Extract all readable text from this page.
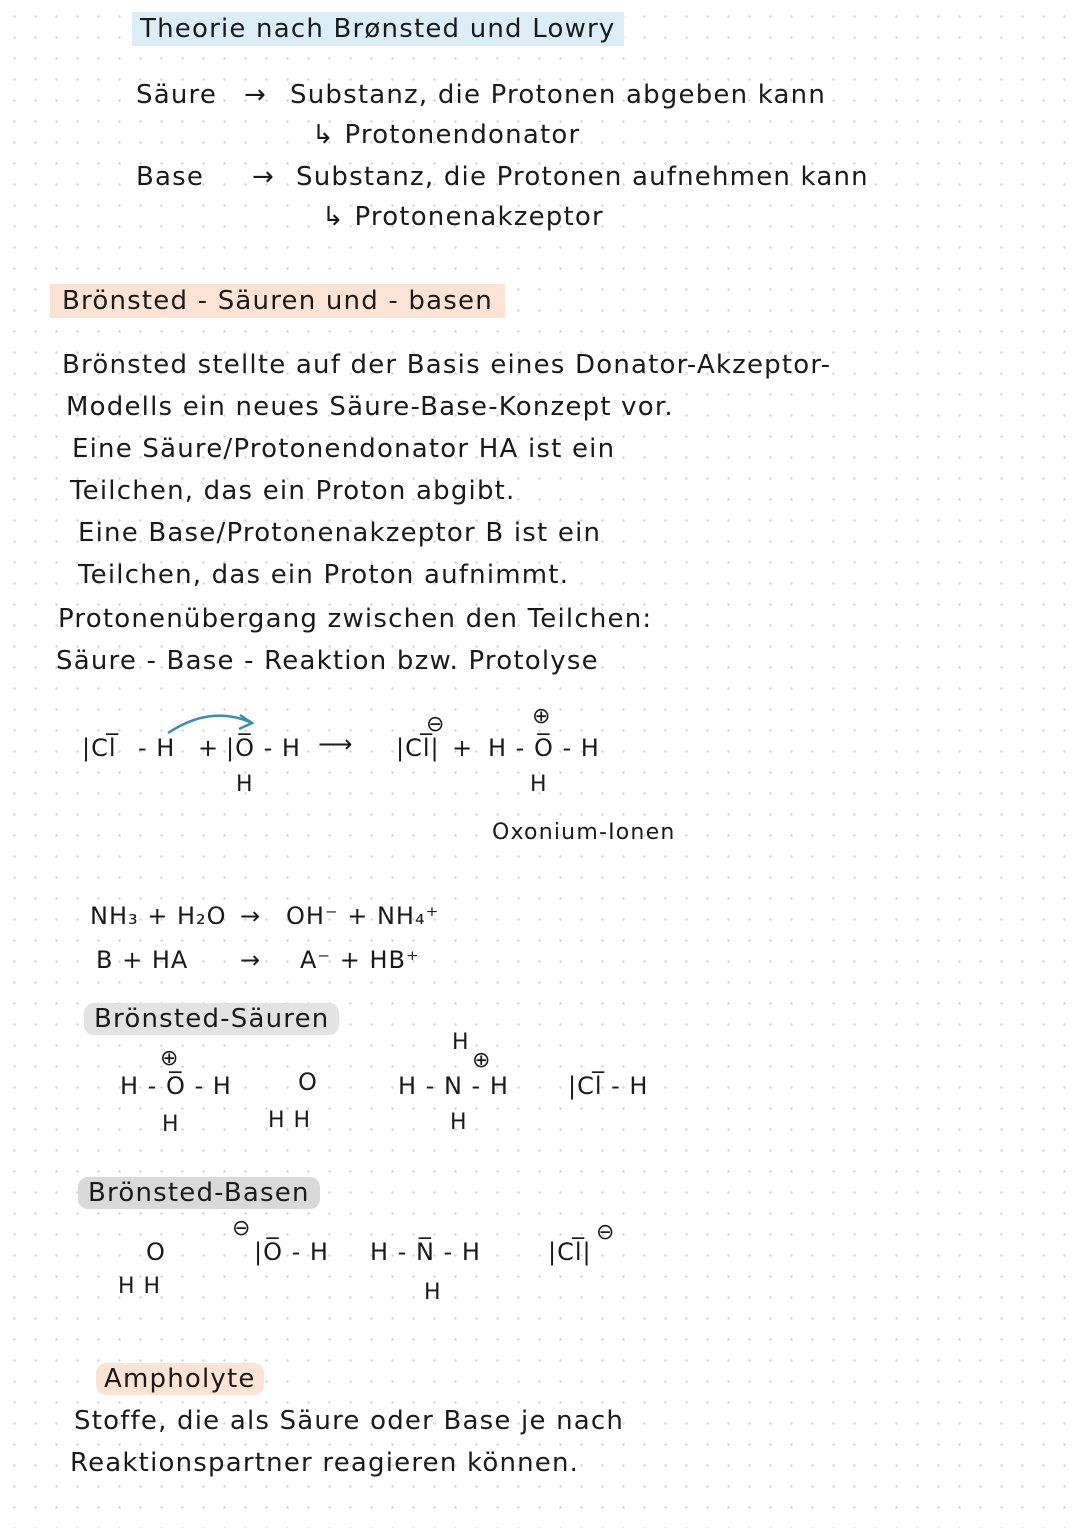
Theorie nach Brønsted und Lowry
Säure → Substanz, die Protonen abgeben kann
↳ Protonendonator
Base → Substanz, die Protonen aufnehmen kann
↳ Protonenakzeptor
Brönsted - Säuren und - basen
Brönsted stellte auf der Basis eines Donator-Akzeptor-
Modells ein neues Säure-Base-Konzept vor.
Eine Säure/Protonendonator HA ist ein
Teilchen, das ein Proton abgibt.
Eine Base/Protonenakzeptor B ist ein
Teilchen, das ein Proton aufnimmt.
Protonenübergang zwischen den Teilchen:
Säure - Base - Reaktion bzw. Protolyse
|Cl̅ - H + |O̅ - H
H
⟶ |Cl̅|
⊖
+ H - O̅ - H
⊕
H
Oxonium-Ionen
NH₃ + H₂O → OH⁻ + NH₄⁺
B + HA → A⁻ + HB⁺
Brönsted-Säuren
⊕
H - O̅ - H
H
O
H H
H
⊕
H - N - H
H
|Cl̅ - H
Brönsted-Basen
O
H H
⊖
|O̅ - H H - N̅ - H
H
⊖
|Cl̅|
Ampholyte
Stoffe, die als Säure oder Base je nach
Reaktionspartner reagieren können.
